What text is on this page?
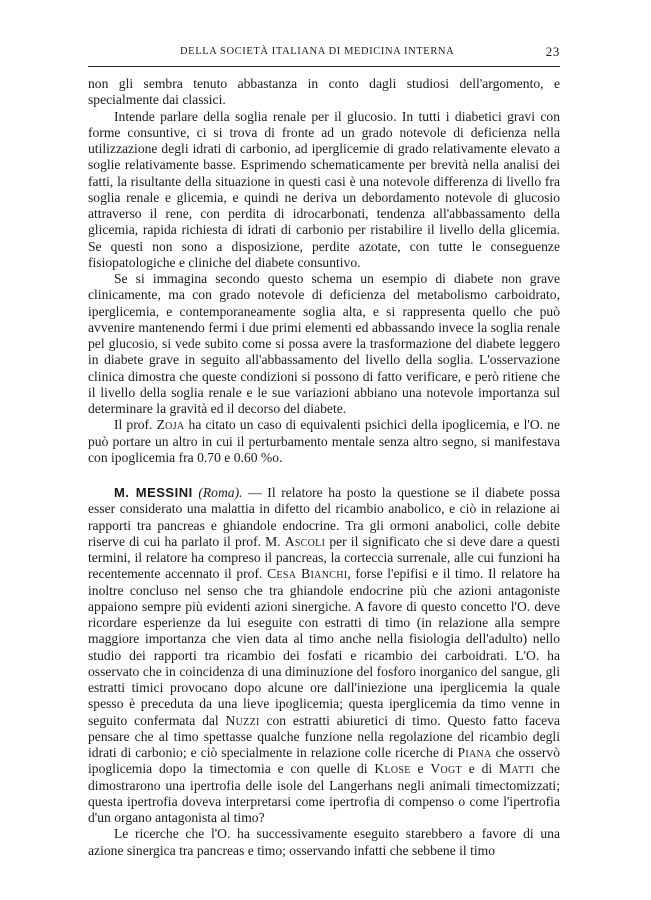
DELLA SOCIETÀ ITALIANA DI MEDICINA INTERNA	23

non gli sembra tenuto abbastanza in conto dagli studiosi dell'argomento, e specialmente dai classici.

Intende parlare della soglia renale per il glucosio. In tutti i diabetici gravi con forme consuntive, ci si trova di fronte ad un grado notevole di deficienza nella utilizzazione degli idrati di carbonio, ad iperglicemie di grado relativamente elevato a soglie relativamente basse. Esprimendo schematicamente per brevità nella analisi dei fatti, la risultante della situazione in questi casi è una notevole differenza di livello fra soglia renale e glicemia, e quindi ne deriva un debordamento notevole di glucosio attraverso il rene, con perdita di idrocarbonati, tendenza all'abbassamento della glicemia, rapida richiesta di idrati di carbonio per ristabilire il livello della glicemia. Se questi non sono a disposizione, perdite azotate, con tutte le conseguenze fisiopatologiche e cliniche del diabete consuntivo.

Se si immagina secondo questo schema un esempio di diabete non grave clinicamente, ma con grado notevole di deficienza del metabolismo carboidrato, iperglicemia, e contemporaneamente soglia alta, e si rappresenta quello che può avvenire mantenendo fermi i due primi elementi ed abbassando invece la soglia renale pel glucosio, si vede subito come si possa avere la trasformazione del diabete leggero in diabete grave in seguito all'abbassamento del livello della soglia. L'osservazione clinica dimostra che queste condizioni si possono di fatto verificare, e però ritiene che il livello della soglia renale e le sue variazioni abbiano una notevole importanza sul determinare la gravità ed il decorso del diabete.

Il prof. Zoja ha citato un caso di equivalenti psichici della ipoglicemia, e l'O. ne può portare un altro in cui il perturbamento mentale senza altro segno, si manifestava con ipoglicemia fra 0.70 e 0.60 %o.

M. MESSINI (Roma). — Il relatore ha posto la questione se il diabete possa esser considerato una malattia in difetto del ricambio anabolico, e ciò in relazione ai rapporti tra pancreas e ghiandole endocrine. Tra gli ormoni anabolici, colle debite riserve di cui ha parlato il prof. M. Ascoli per il significato che si deve dare a questi termini, il relatore ha compreso il pancreas, la corteccia surrenale, alle cui funzioni ha recentemente accennato il prof. Cesa Bianchi, forse l'epifisi e il timo. Il relatore ha inoltre concluso nel senso che tra ghiandole endocrine più che azioni antagoniste appaiono sempre più evidenti azioni sinergiche. A favore di questo concetto l'O. deve ricordare esperienze da lui eseguite con estratti di timo (in relazione alla sempre maggiore importanza che vien data al timo anche nella fisiologia dell'adulto) nello studio dei rapporti tra ricambio dei fosfati e ricambio dei carboidrati. L'O. ha osservato che in coincidenza di una diminuzione del fosforo inorganico del sangue, gli estratti timici provocano dopo alcune ore dall'iniezione una iperglicemia la quale spesso è preceduta da una lieve ipoglicemia; questa iperglicemia da timo venne in seguito confermata dal Nuzzi con estratti abiuretici di timo. Questo fatto faceva pensare che al timo spettasse qualche funzione nella regolazione del ricambio degli idrati di carbonio; e ciò specialmente in relazione colle ricerche di Piana che osservò ipoglicemia dopo la timectomia e con quelle di Klose e Vogt e di Matti che dimostrarono una ipertrofia delle isole del Langerhans negli animali timectomizzati; questa ipertrofia doveva interpretarsi come ipertrofia di compenso o come l'ipertrofia d'un organo antagonista al timo?

Le ricerche che l'O. ha successivamente eseguito starebbero a favore di una azione sinergica tra pancreas e timo; osservando infatti che sebbene il timo
